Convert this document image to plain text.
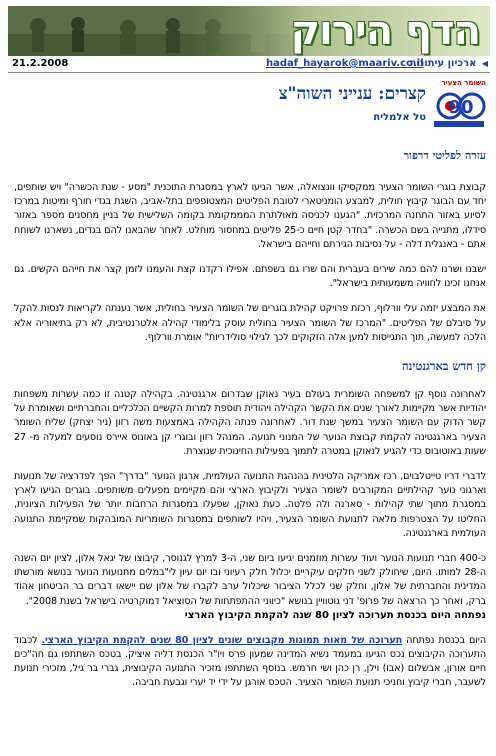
הדף הירוק
21.2.2008	hadaf_hayarok@maariv.co.il	◀ ארכיון עיתונות
השומר הצעיר
90
קצרים: ענייני השוה"צ
טל אלמליח
עזרה לפליטי דרפור

קבוצת בוגרי השומר הצעיר ממקסיקו וונצואלה, אשר הגיעו לארץ במסגרת התוכנית "מסע - שנת הכשרה" ויש שותפים, יחד עם הבוגר קיבוץ חולית, למבצע הומניטארי לטובת הפליטים המצטופפים בתל-אביב, השגת בגדי חורף ומיטות במרכז לסיוע באזור התחנה המרכזית. "הגענו לכניסה מאולתרת המממקומת בקומה השלישית של בניין מחסנים מספר באזור סידלו, מתנייה בשם הכשרה. "בחדר קטן חיים כ-25 פליטים במחסור מוחלט. לאחר שהבאנו להם בגדים, נשארנו לשוחח אתם - באנגלית דלה - על נסיבות הגירתם וחייהם בישראל.

ישבנו ושרנו להם כמה שירים בעברית והם שרו גם בשפתם. אפילו רקדנו קצת והעמנו לזמן קצר את חייהם הקשים. גם אנחנו זכינו לחוויה משמעותית בישראל".

את המבצע יזמה עלי וורלוף, רכזת פרויקט קהילת בוגרים של השומר הצעיר בחולית, אשר נענתה לקריאות לנסות להקל על סיבלם של הפליטים. "המרכז של השומר הצעיר בחולית עוסק בלימודי קהילה אלטרנטיבית, לא רק בתיאוריה אלא הלכה למעשה, תוך התגייסות למען אלה הזקוקים לכך לגילוי סולידריות" אומרת וורלוף.

קן חדש בארגנטינה

לאחרונה נוסף קן למשפחה השומרית בעולם בעיר נאוקן שבדרום ארגנטינה. בקהילה קטנה זו כמה עשרות משפחות יהודיות אשר מקיימות לאורך שנים את הקשר הקהילה ויהודית תוספת למרות הקשיים הכלכליים והחברתיים ושאומרת על קשר הדוק עם השומר הצעיר במשך שנת דור. לאחרונה פנתה הקהילה באמצעות משה רזון (ניר יצחק) שליח השומר הצעיר בארגנטינה להקמת קבוצת הנוער של המנוני תנועה. המנהל רזון ובוגרי קן באונוס איירס נוסעים למעלה מ- 27 שעות באוטובוס כדי להגיע לנאוקן במטרה לתמוך בפעילות החינוכית שנוצרת.

לדברי דריו טייטלבוים, רכז אמריקה הלטינית בהנהגת התנועה העולמית, ארגון הנוער "בדרך" הפך לפדרציה של תנועות וארגוני נוער קהילתיים המקורבים לשומר הצעיר ולקיבוץ הארצי והם מקיימים מפעלים משותפים. בוגרים הגיעו לארץ במסגרת מתוך שתי קהילות - סארנה ולה פלטה. כעת נאוקן, שפעלו במסגרות הרחבות יותר של הפעילות הציונית, החליטו על הצטרפות מלאה לתנועת השומר הצעיר, ויהיו לשותפים במסגרות השומריות המובהקות שמקיימת התנועה העולמית בארגנטינה.

כ-400 חברי תנועות הנוער ועוד עשרות מוזמנים יגיעו ביום שני, ה-3 למרץ לגנוסר, קיבוצו של יגאל אלון, לציון יום השנה ה-28 למותו. היום, שיחולק לשני חלקים עיקריים יכלול חלק רעיוני ובו יום עיון לי"במלים מתנועות הנוער בנושא מורשתו המדינית והחברתית של אלון, וחלק שני לכלל הציבור שיכלול ערב לקברו של אלון שם יישאו דברים בר הביטחון אהוד ברק, ואחר כך הרצאה של פרופ' דני גוטוויין בנושא "כיווני ההתפתחות של הסוציאל דמוקרטיה בישראל בשנת 2008".

נפתחה היום בכנסת תערוכה לציון 80 שנה להקמת הקיבוץ הארצי

היום בכנסת נפתחה תערוכה של מאות תמונות מקבוצים שונים לציון 80 שנים להקמת הקיבוץ הארצי. לכבוד התערוכה הקיבוצים נכס הגיעו במעמד נשיא המדינה שמעון פרס ויו"ר הכנסת דליה איציק. בטכס השתתפו גם חה"כים חיים אורון, אבשלום (אבו) וילן, רן כהן ושי חרמש. בנוסף השתתפו מזכיר התנועה הקיבוצית, גברי בר גיל, מזכירי תנועת לשעבר, חברי קיבוץ וחניכי תנועת השומר הצעיר. הטכס אורגן על ידי יד יערי וגבעת חביבה.
